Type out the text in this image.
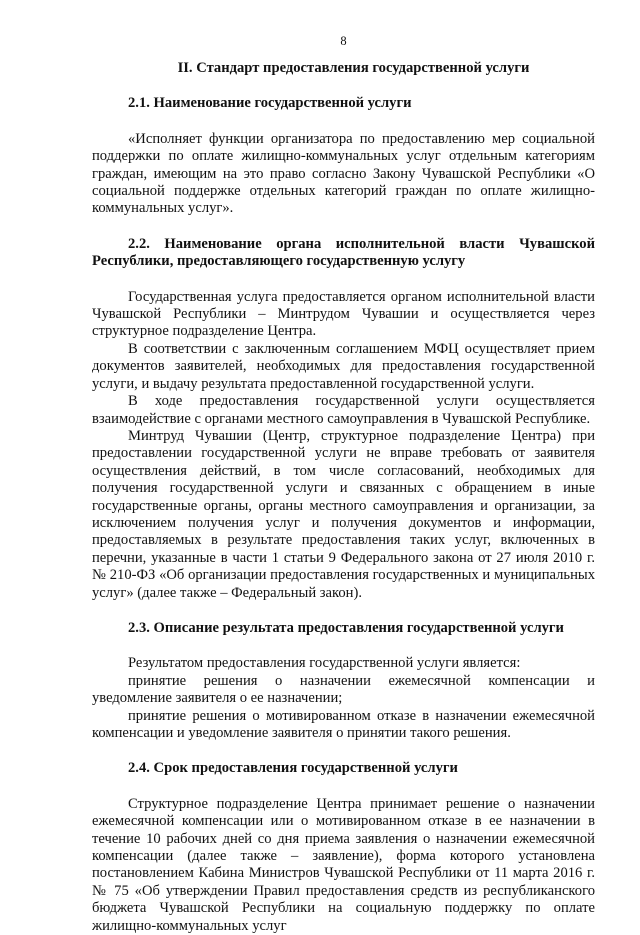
8
II. Стандарт предоставления государственной услуги
2.1. Наименование государственной услуги

«Исполняет функции организатора по предоставлению мер социальной поддержки по оплате жилищно-коммунальных услуг отдельным категориям граждан, имеющим на это право согласно Закону Чувашской Республики «О социальной поддержке отдельных категорий граждан по оплате жилищно-коммунальных услуг».

2.2. Наименование органа исполнительной власти Чувашской Республики, предоставляющего государственную услугу

Государственная услуга предоставляется органом исполнительной власти Чувашской Республики – Минтрудом Чувашии и осуществляется через структурное подразделение Центра.

В соответствии с заключенным соглашением МФЦ осуществляет прием документов заявителей, необходимых для предоставления государственной услуги, и выдачу результата предоставленной государственной услуги.

В ходе предоставления государственной услуги осуществляется взаимодействие с органами местного самоуправления в Чувашской Республике.

Минтруд Чувашии (Центр, структурное подразделение Центра) при предоставлении государственной услуги не вправе требовать от заявителя осуществления действий, в том числе согласований, необходимых для получения государственной услуги и связанных с обращением в иные государственные органы, органы местного самоуправления и организации, за исключением получения услуг и получения документов и информации, предоставляемых в результате предоставления таких услуг, включенных в перечни, указанные в части 1 статьи 9 Федерального закона от 27 июля 2010 г. № 210-ФЗ «Об организации предоставления государственных и муниципальных услуг» (далее также – Федеральный закон).

2.3. Описание результата предоставления государственной услуги

Результатом предоставления государственной услуги является:

принятие решения о назначении ежемесячной компенсации и уведомление заявителя о ее назначении;

принятие решения о мотивированном отказе в назначении ежемесячной компенсации и уведомление заявителя о принятии такого решения.

2.4. Срок предоставления государственной услуги

Структурное подразделение Центра принимает решение о назначении ежемесячной компенсации или о мотивированном отказе в ее назначении в течение 10 рабочих дней со дня приема заявления о назначении ежемесячной компенсации (далее также – заявление), форма которого установлена постановлением Кабина Министров Чувашской Республики от 11 марта 2016 г. № 75 «Об утверждении Правил предоставления средств из республиканского бюджета Чувашской Республики на социальную поддержку по оплате жилищно-коммунальных услуг
